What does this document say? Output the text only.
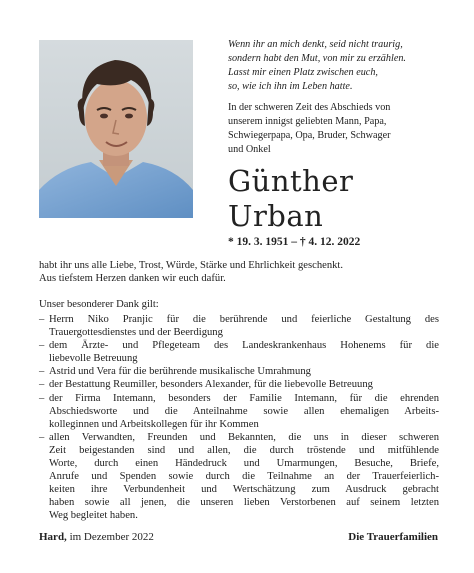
Wenn ihr an mich denkt, seid nicht traurig,
sondern habt den Mut, von mir zu erzählen.
Lasst mir einen Platz zwischen euch,
so, wie ich ihn im Leben hatte.
In der schweren Zeit des Abschieds von
unserem innigst geliebten Mann, Papa,
Schwiegerpapa, Opa, Bruder, Schwager
und Onkel
Günther
Urban
* 19. 3. 1951 – † 4. 12. 2022
habt ihr uns alle Liebe, Trost, Würde, Stärke und Ehrlichkeit geschenkt.
Aus tiefstem Herzen danken wir euch dafür.
Unser besonderer Dank gilt:
– Herrn Niko Pranjic für die berührende und feierliche Gestaltung des
Trauergottesdienstes und der Beerdigung
– dem Ärzte- und Pflegeteam des Landeskrankenhaus Hohenems für die
liebevolle Betreuung
– Astrid und Vera für die berührende musikalische Umrahmung
– der Bestattung Reumiller, besonders Alexander, für die liebevolle Betreuung
– der Firma Intemann, besonders der Familie Intemann, für die ehrenden
Abschiedsworte und die Anteilnahme sowie allen ehemaligen Arbeits-
kolleginnen und Arbeitskollegen für ihr Kommen
– allen Verwandten, Freunden und Bekannten, die uns in dieser schweren
Zeit beigestanden sind und allen, die durch tröstende und mitfühlende
Worte, durch einen Händedruck und Umarmungen, Besuche, Briefe,
Anrufe und Spenden sowie durch die Teilnahme an der Trauerfeierlich-
keiten ihre Verbundenheit und Wertschätzung zum Ausdruck gebracht
haben sowie all jenen, die unseren lieben Verstorbenen auf seinem letzten
Weg begleitet haben.
Hard, im Dezember 2022	Die Trauerfamilien
